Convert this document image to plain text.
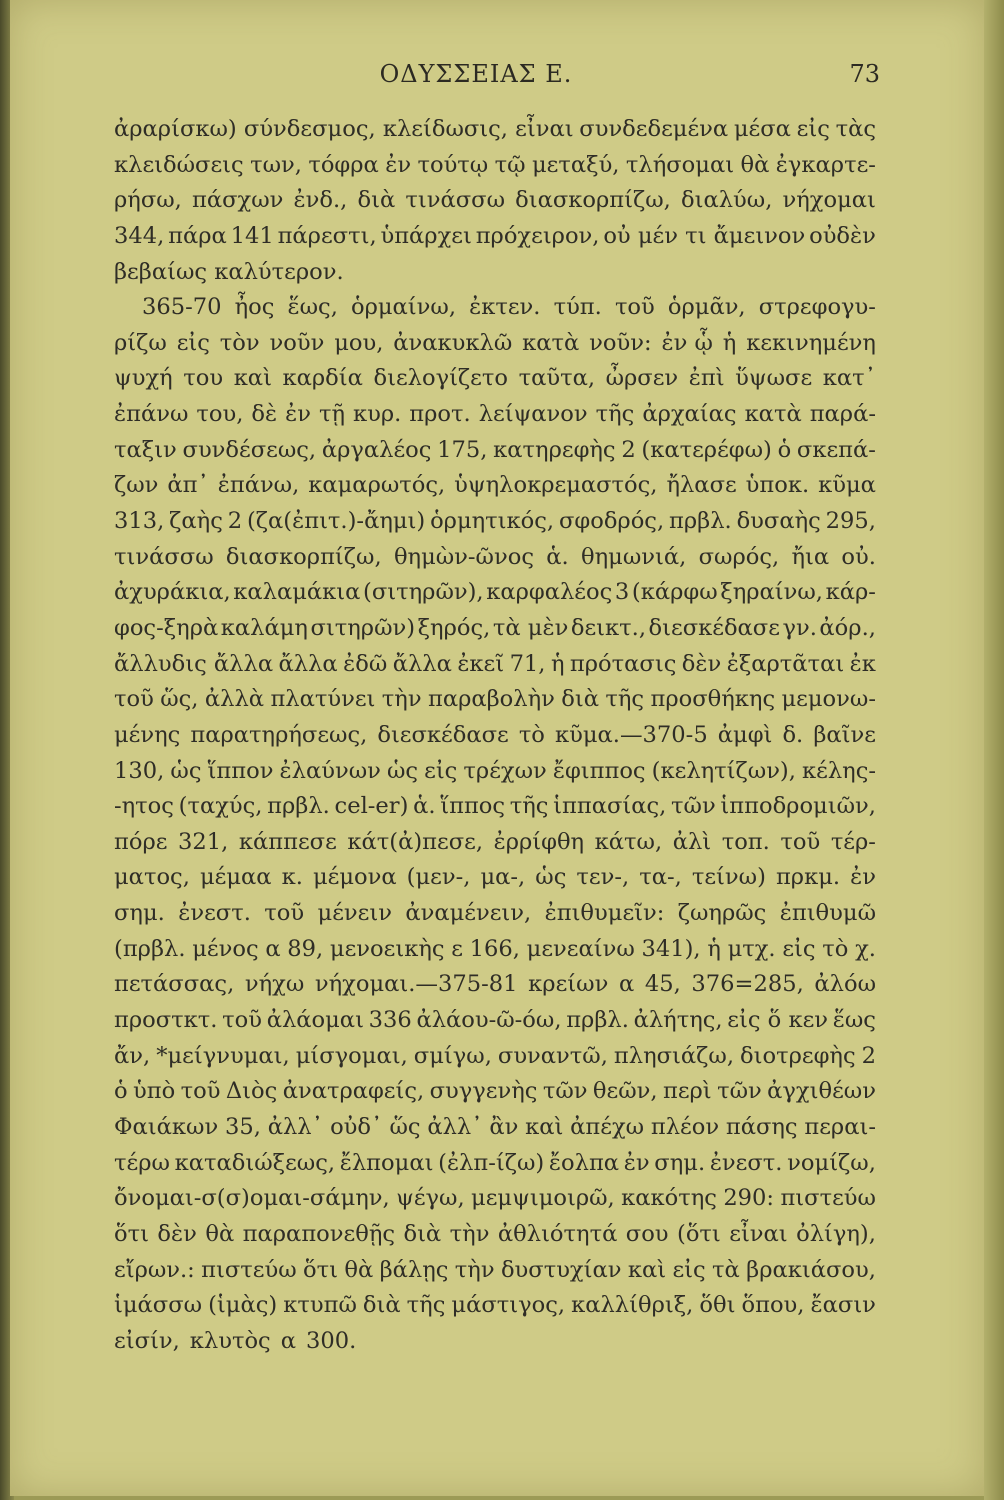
ΟΔΥΣΣΕΙΑΣ Ε.	73
ἀραρίσκω) σύνδεσμος, κλείδωσις, εἶναι συνδεδεμένα μέσα εἰς τὰς
κλειδώσεις των, τόφρα ἐν τούτῳ τῷ μεταξύ, τλήσομαι θὰ ἐγκαρτε-
ρήσω, πάσχων ἐνδ., διὰ τινάσσω διασκορπίζω, διαλύω, νήχομαι
344, πάρα 141 πάρεστι, ὑπάρχει πρόχειρον, οὐ μέν τι ἄμεινον οὐδὲν
βεβαίως καλύτερον.
365-70 ἦος ἕως, ὁρμαίνω, ἐκτεν. τύπ. τοῦ ὁρμᾶν, στρεφογυ-
ρίζω εἰς τὸν νοῦν μου, ἀνακυκλῶ κατὰ νοῦν: ἐν ᾧ ἡ κεκινημένη
ψυχή του καὶ καρδία διελογίζετο ταῦτα, ὦρσεν ἐπὶ ὕψωσε κατ᾽
ἐπάνω του, δὲ ἐν τῇ κυρ. προτ. λείψανον τῆς ἀρχαίας κατὰ παρά-
ταξιν συνδέσεως, ἀργαλέος 175, κατηρεφὴς 2 (κατερέφω) ὁ σκεπά-
ζων ἀπ᾽ ἐπάνω, καμαρωτός, ὑψηλοκρεμαστός, ἤλασε ὑποκ. κῦμα
313, ζαὴς 2 (ζα(ἐπιτ.)-ἄημι) ὁρμητικός, σφοδρός, πρβλ. δυσαὴς 295,
τινάσσω διασκορπίζω, θημὼν-ῶνος ἁ. θημωνιά, σωρός, ἤια οὐ.
ἀχυράκια, καλαμάκια (σιτηρῶν), καρφαλέος 3 (κάρφω ξηραίνω, κάρ-
φος-ξηρὰ καλάμη σιτηρῶν) ξηρός, τὰ μὲν δεικτ., διεσκέδασε γν. ἀόρ.,
ἄλλυδις ἄλλα ἄλλα ἐδῶ ἄλλα ἐκεῖ 71, ἡ πρότασις δὲν ἐξαρτᾶται ἐκ
τοῦ ὥς, ἀλλὰ πλατύνει τὴν παραβολὴν διὰ τῆς προσθήκης μεμονω-
μένης παρατηρήσεως, διεσκέδασε τὸ κῦμα.—370-5 ἀμφὶ δ. βαῖνε
130, ὡς ἵππον ἐλαύνων ὡς εἰς τρέχων ἔφιππος (κελητίζων), κέλης-
-ητος (ταχύς, πρβλ. cel-er) ἁ. ἵππος τῆς ἱππασίας, τῶν ἱπποδρομιῶν,
πόρε 321, κάππεσε κάτ(ἀ)πεσε, ἐρρίφθη κάτω, ἀλὶ τοπ. τοῦ τέρ-
ματος, μέμαα κ. μέμονα (μεν-, μα-, ὡς τεν-, τα-, τείνω) πρκμ. ἐν
σημ. ἐνεστ. τοῦ μένειν ἀναμένειν, ἐπιθυμεῖν: ζωηρῶς ἐπιθυμῶ
(πρβλ. μένος α 89, μενοεικὴς ε 166, μενεαίνω 341), ἡ μτχ. εἰς τὸ χ.
πετάσσας, νήχω νήχομαι.—375-81 κρείων α 45, 376=285, ἀλόω
προστκτ. τοῦ ἀλάομαι 336 ἀλάου-ῶ-όω, πρβλ. ἀλήτης, εἰς ὅ κεν ἕως
ἄν, *μείγνυμαι, μίσγομαι, σμίγω, συναντῶ, πλησιάζω, διοτρεφὴς 2
ὁ ὑπὸ τοῦ Διὸς ἀνατραφείς, συγγενὴς τῶν θεῶν, περὶ τῶν ἀγχιθέων
Φαιάκων 35, ἀλλ᾽ οὐδ᾽ ὥς ἀλλ᾽ ἂν καὶ ἀπέχω πλέον πάσης περαι-
τέρω καταδιώξεως, ἔλπομαι (ἐλπ-ίζω) ἔολπα ἐν σημ. ἐνεστ. νομίζω,
ὄνομαι-σ(σ)ομαι-σάμην, ψέγω, μεμψιμοιρῶ, κακότης 290: πιστεύω
ὅτι δὲν θὰ παραπονεθῇς διὰ τὴν ἀθλιότητά σου (ὅτι εἶναι ὀλίγη),
εἴρων.: πιστεύω ὅτι θὰ βάλῃς τὴν δυστυχίαν καὶ εἰς τὰ βρακιάσου,
ἱμάσσω (ἱμὰς) κτυπῶ διὰ τῆς μάστιγος, καλλίθριξ, ὅθι ὅπου, ἔασιν
εἰσίν, κλυτὸς α 300.
